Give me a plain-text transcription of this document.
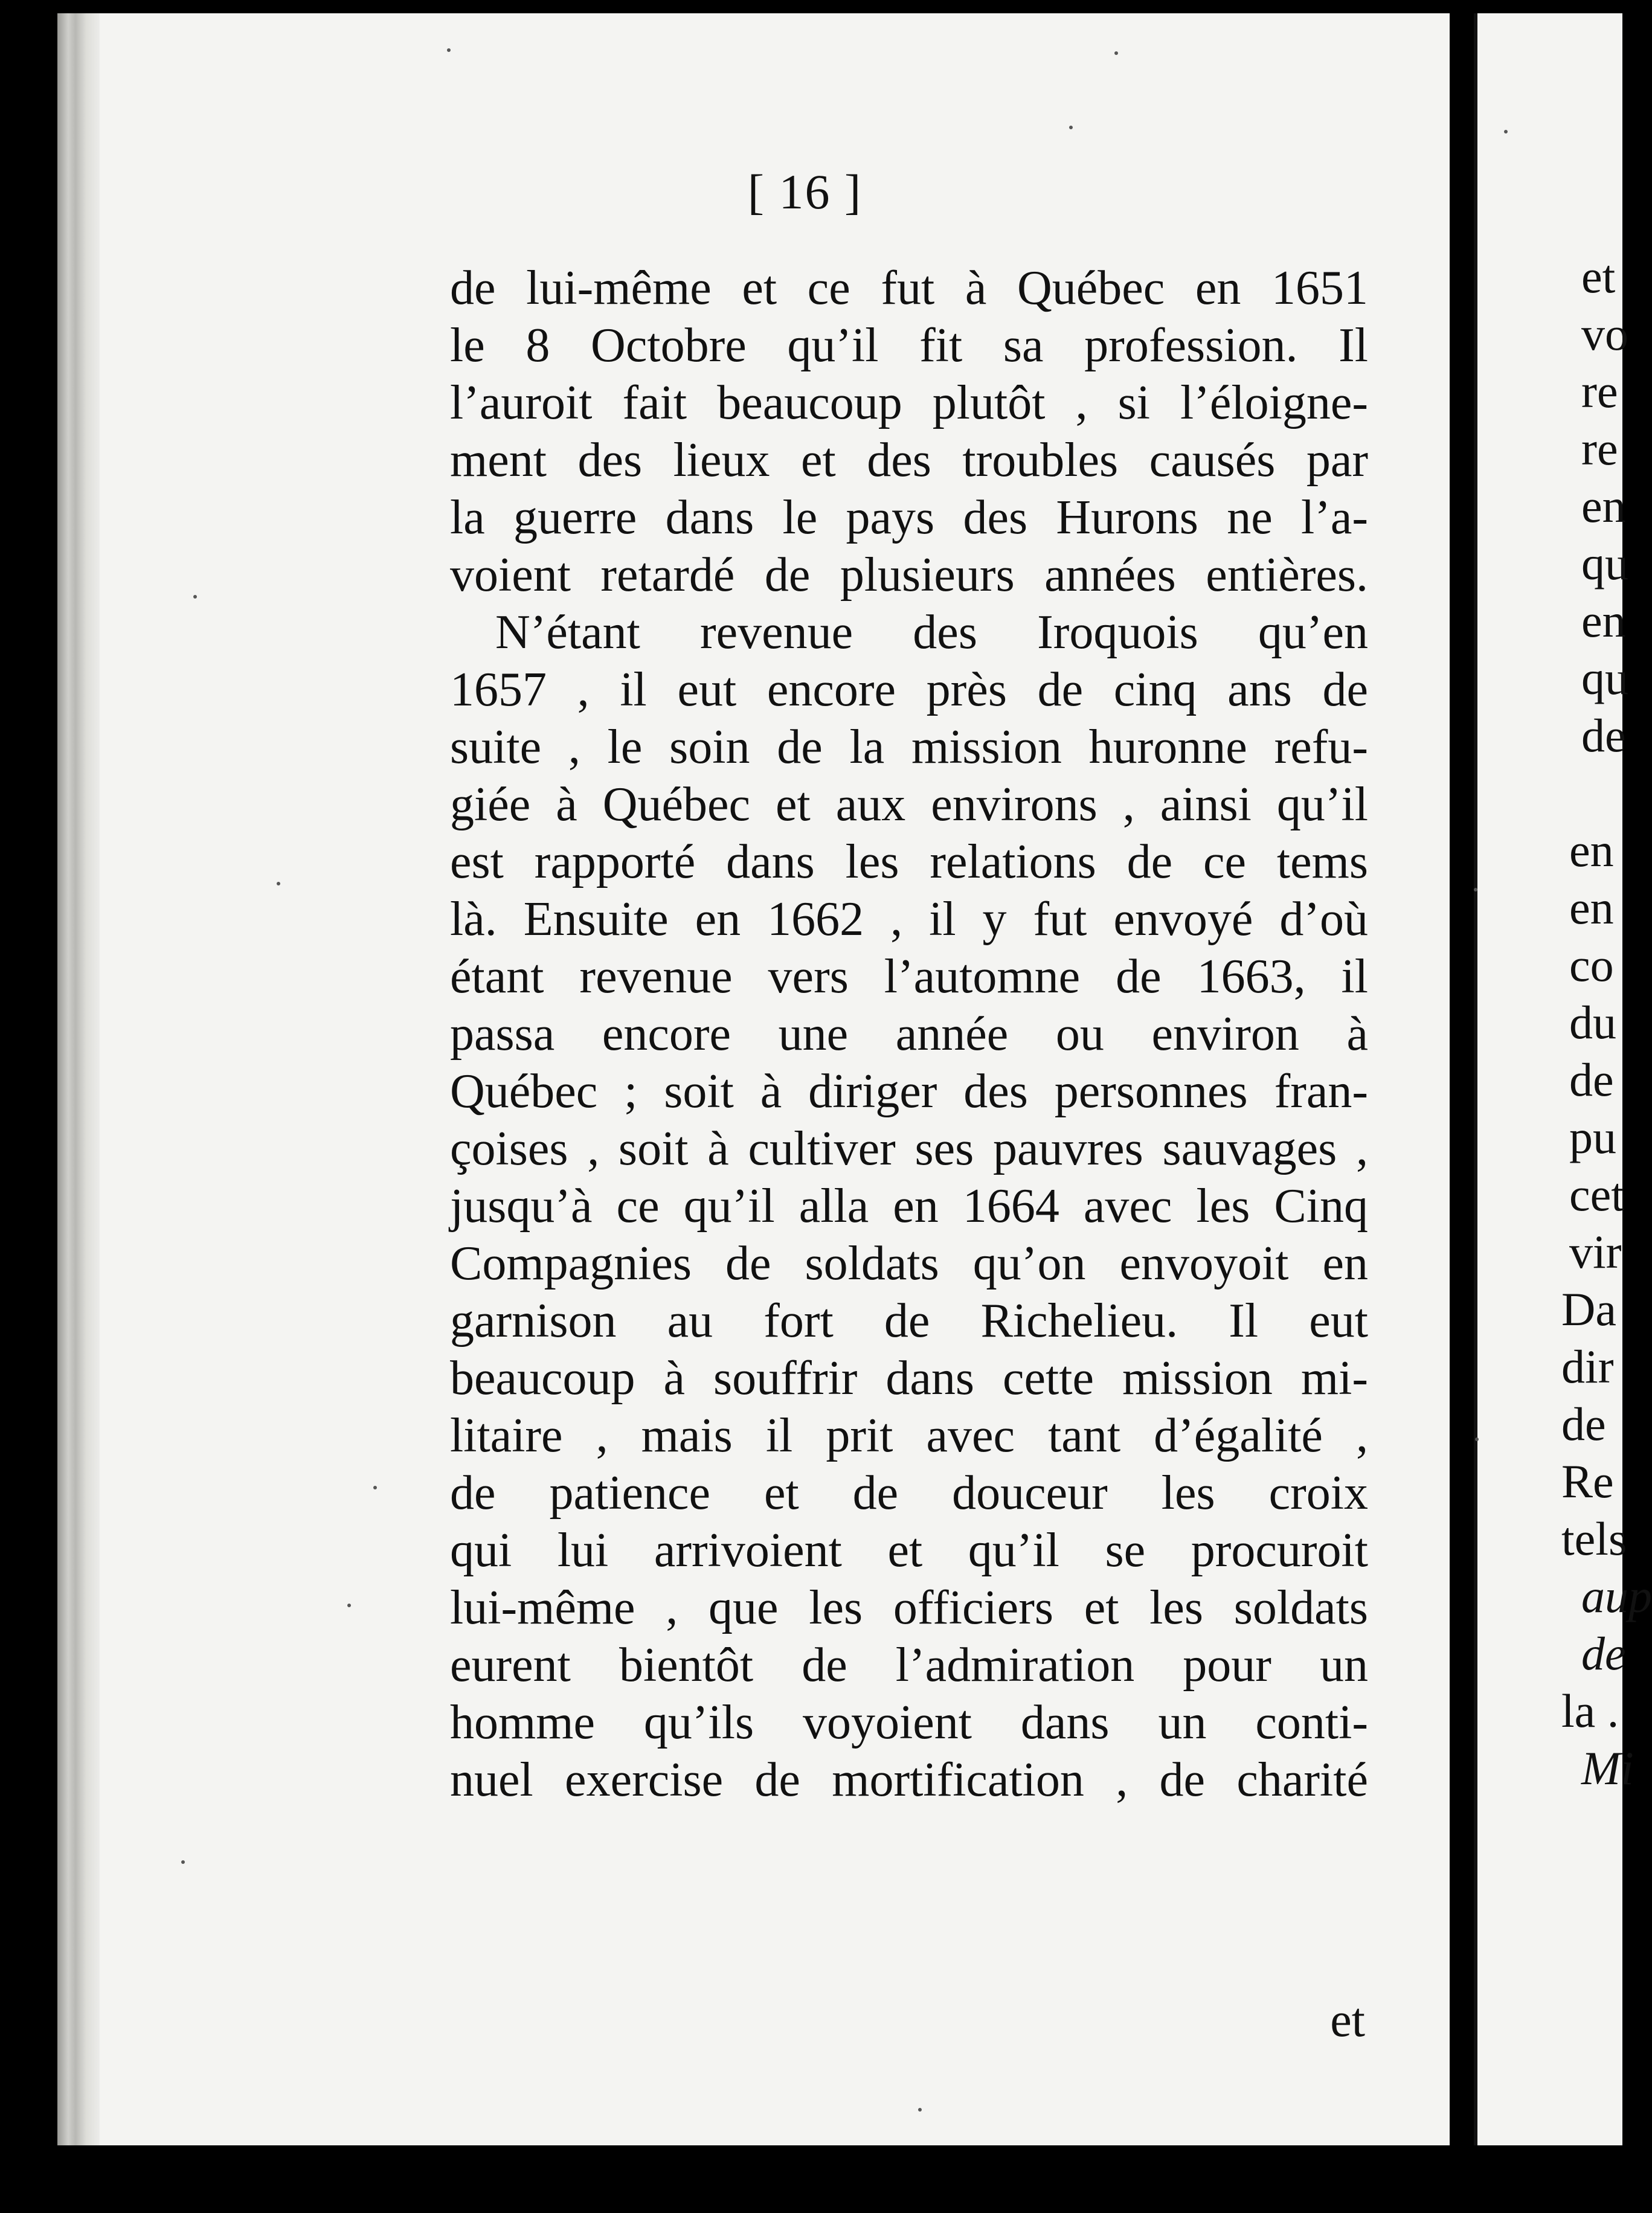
[ 16 ]
de lui-même et ce fut à Québec en 1651
le 8 Octobre qu’il fit sa profession. Il
l’auroit fait beaucoup plutôt , si l’éloigne-
ment des lieux et des troubles causés par
la guerre dans le pays des Hurons ne l’a-
voient retardé de plusieurs années entières.
N’étant revenue des Iroquois qu’en
1657 , il eut encore près de cinq ans de
suite , le soin de la mission huronne refu-
giée à Québec et aux environs , ainsi qu’il
est rapporté dans les relations de ce tems
là. Ensuite en 1662 , il y fut envoyé d’où
étant revenue vers l’automne de 1663, il
passa encore une année ou environ à
Québec ; soit à diriger des personnes fran-
çoises , soit à cultiver ses pauvres sauvages ,
jusqu’à ce qu’il alla en 1664 avec les Cinq
Compagnies de soldats qu’on envoyoit en
garnison au fort de Richelieu. Il eut
beaucoup à souffrir dans cette mission mi-
litaire , mais il prit avec tant d’égalité ,
de patience et de douceur les croix
qui lui arrivoient et qu’il se procuroit
lui-même , que les officiers et les soldats
eurent bientôt de l’admiration pour un
homme qu’ils voyoient dans un conti-
nuel exercise de mortification , de charité
et
et
vo
re
re
en
qu
en
qu
de
en
en
co
du
de
pu
cet
vir
Da
dir
de
Re
tels
aup
de
la .
Mi
